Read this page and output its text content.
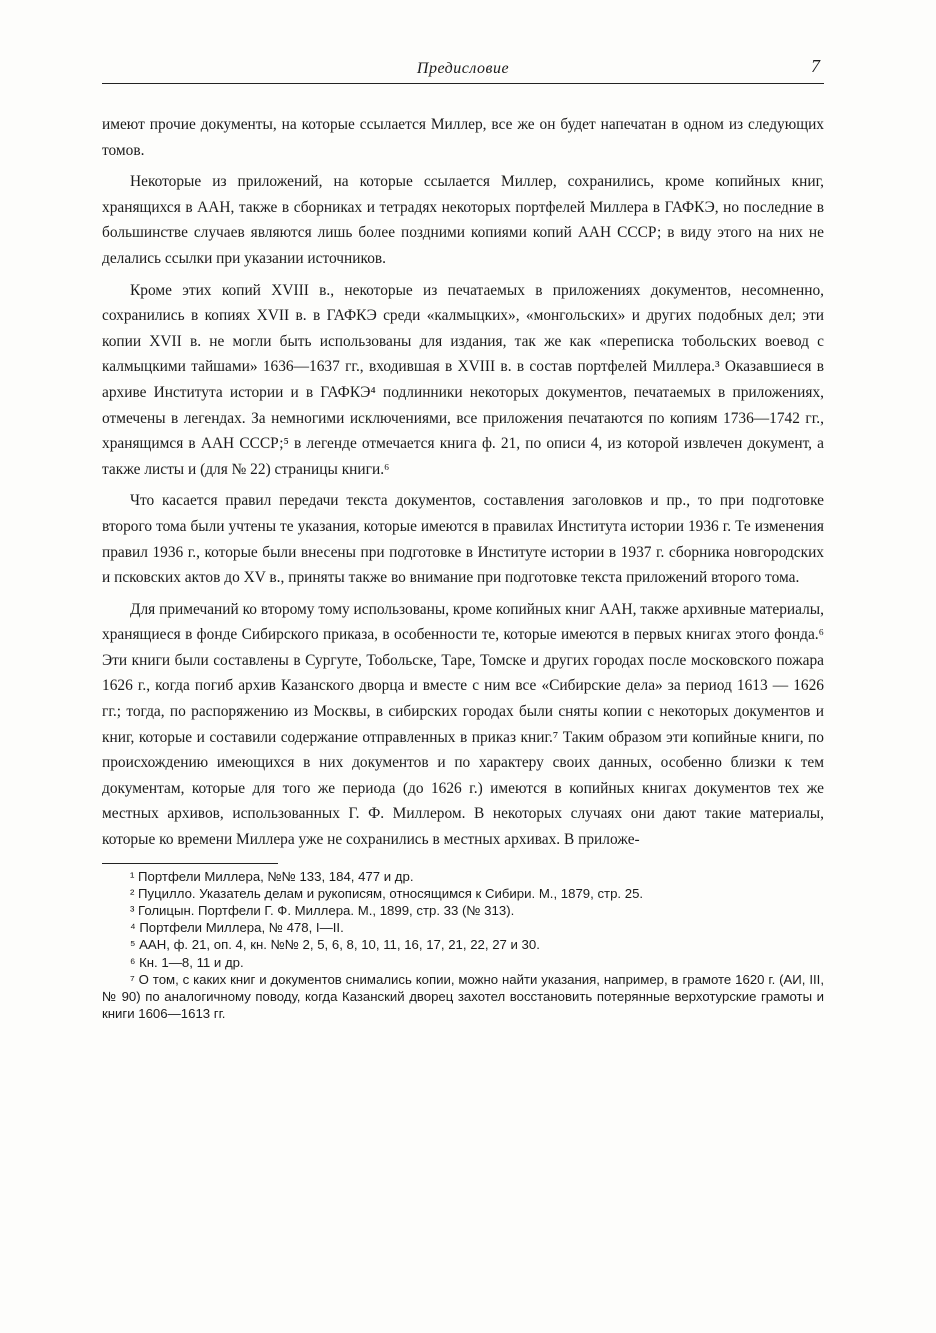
Предисловие	7

имеют прочие документы, на которые ссылается Миллер, все же он будет напечатан в одном из следующих томов.

Некоторые из приложений, на которые ссылается Миллер, сохранились, кроме копийных книг, хранящихся в ААН, также в сборниках и тетрадях некоторых портфелей Миллера в ГАФКЭ, но последние в большинстве случаев являются лишь более поздними копиями копий ААН СССР; в виду этого на них не делались ссылки при указании источников.

Кроме этих копий XVIII в., некоторые из печатаемых в приложениях документов, несомненно, сохранились в копиях XVII в. в ГАФКЭ среди «калмыцких», «монгольских» и других подобных дел; эти копии XVII в. не могли быть использованы для издания, так же как «переписка тобольских воевод с калмыцкими тайшами» 1636—1637 гг., входившая в XVIII в. в состав портфелей Миллера.³ Оказавшиеся в архиве Института истории и в ГАФКЭ⁴ подлинники некоторых документов, печатаемых в приложениях, отмечены в легендах. За немногими исключениями, все приложения печатаются по копиям 1736—1742 гг., хранящимся в ААН СССР;⁵ в легенде отмечается книга ф. 21, по описи 4, из которой извлечен документ, а также листы и (для № 22) страницы книги.⁶

Что касается правил передачи текста документов, составления заголовков и пр., то при подготовке второго тома были учтены те указания, которые имеются в правилах Института истории 1936 г. Те изменения правил 1936 г., которые были внесены при подготовке в Институте истории в 1937 г. сборника новгородских и псковских актов до XV в., приняты также во внимание при подготовке текста приложений второго тома.

Для примечаний ко второму тому использованы, кроме копийных книг ААН, также архивные материалы, хранящиеся в фонде Сибирского приказа, в особенности те, которые имеются в первых книгах этого фонда.⁶ Эти книги были составлены в Сургуте, Тобольске, Таре, Томске и других городах после московского пожара 1626 г., когда погиб архив Казанского дворца и вместе с ним все «Сибирские дела» за период 1613 — 1626 гг.; тогда, по распоряжению из Москвы, в сибирских городах были сняты копии с некоторых документов и книг, которые и составили содержание отправленных в приказ книг.⁷ Таким образом эти копийные книги, по происхождению имеющихся в них документов и по характеру своих данных, особенно близки к тем документам, которые для того же периода (до 1626 г.) имеются в копийных книгах документов тех же местных архивов, использованных Г. Ф. Миллером. В некоторых случаях они дают такие материалы, которые ко времени Миллера уже не сохранились в местных архивах. В приложе-

¹ Портфели Миллера, №№ 133, 184, 477 и др.

² Пуцилло. Указатель делам и рукописям, относящимся к Сибири. М., 1879, стр. 25.

³ Голицын. Портфели Г. Ф. Миллера. М., 1899, стр. 33 (№ 313).

⁴ Портфели Миллера, № 478, I—II.

⁵ ААН, ф. 21, оп. 4, кн. №№ 2, 5, 6, 8, 10, 11, 16, 17, 21, 22, 27 и 30.

⁶ Кн. 1—8, 11 и др.

⁷ О том, с каких книг и документов снимались копии, можно найти указания, например, в грамоте 1620 г. (АИ, III, № 90) по аналогичному поводу, когда Казанский дворец захотел восстановить потерянные верхотурские грамоты и книги 1606—1613 гг.
